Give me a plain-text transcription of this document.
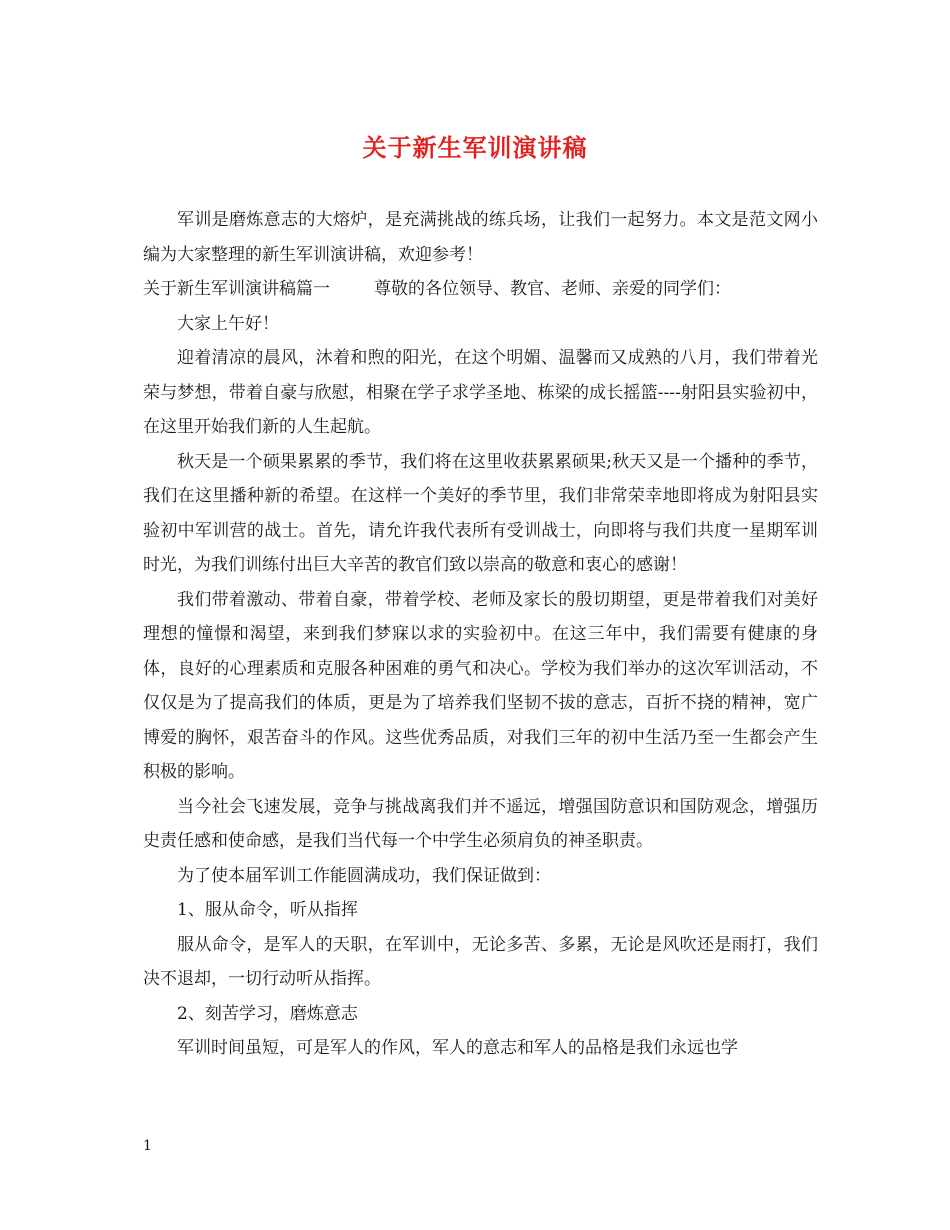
关于新生军训演讲稿

军训是磨炼意志的大熔炉，是充满挑战的练兵场，让我们一起努力。本文是范文网小编为大家整理的新生军训演讲稿，欢迎参考！

关于新生军训演讲稿篇一	尊敬的各位领导、教官、老师、亲爱的同学们：

大家上午好！

迎着清凉的晨风，沐着和煦的阳光，在这个明媚、温馨而又成熟的八月，我们带着光荣与梦想，带着自豪与欣慰，相聚在学子求学圣地、栋梁的成长摇篮----射阳县实验初中，在这里开始我们新的人生起航。

秋天是一个硕果累累的季节，我们将在这里收获累累硕果;秋天又是一个播种的季节，我们在这里播种新的希望。在这样一个美好的季节里，我们非常荣幸地即将成为射阳县实验初中军训营的战士。首先，请允许我代表所有受训战士，向即将与我们共度一星期军训时光，为我们训练付出巨大辛苦的教官们致以崇高的敬意和衷心的感谢！

我们带着激动、带着自豪，带着学校、老师及家长的殷切期望，更是带着我们对美好理想的憧憬和渴望，来到我们梦寐以求的实验初中。在这三年中，我们需要有健康的身体，良好的心理素质和克服各种困难的勇气和决心。学校为我们举办的这次军训活动，不仅仅是为了提高我们的体质，更是为了培养我们坚韧不拔的意志，百折不挠的精神，宽广博爱的胸怀，艰苦奋斗的作风。这些优秀品质，对我们三年的初中生活乃至一生都会产生积极的影响。

当今社会飞速发展，竞争与挑战离我们并不遥远，增强国防意识和国防观念，增强历史责任感和使命感，是我们当代每一个中学生必须肩负的神圣职责。

为了使本届军训工作能圆满成功，我们保证做到：

1、服从命令，听从指挥

服从命令，是军人的天职，在军训中，无论多苦、多累，无论是风吹还是雨打，我们决不退却，一切行动听从指挥。

2、刻苦学习，磨炼意志

军训时间虽短，可是军人的作风，军人的意志和军人的品格是我们永远也学

1
